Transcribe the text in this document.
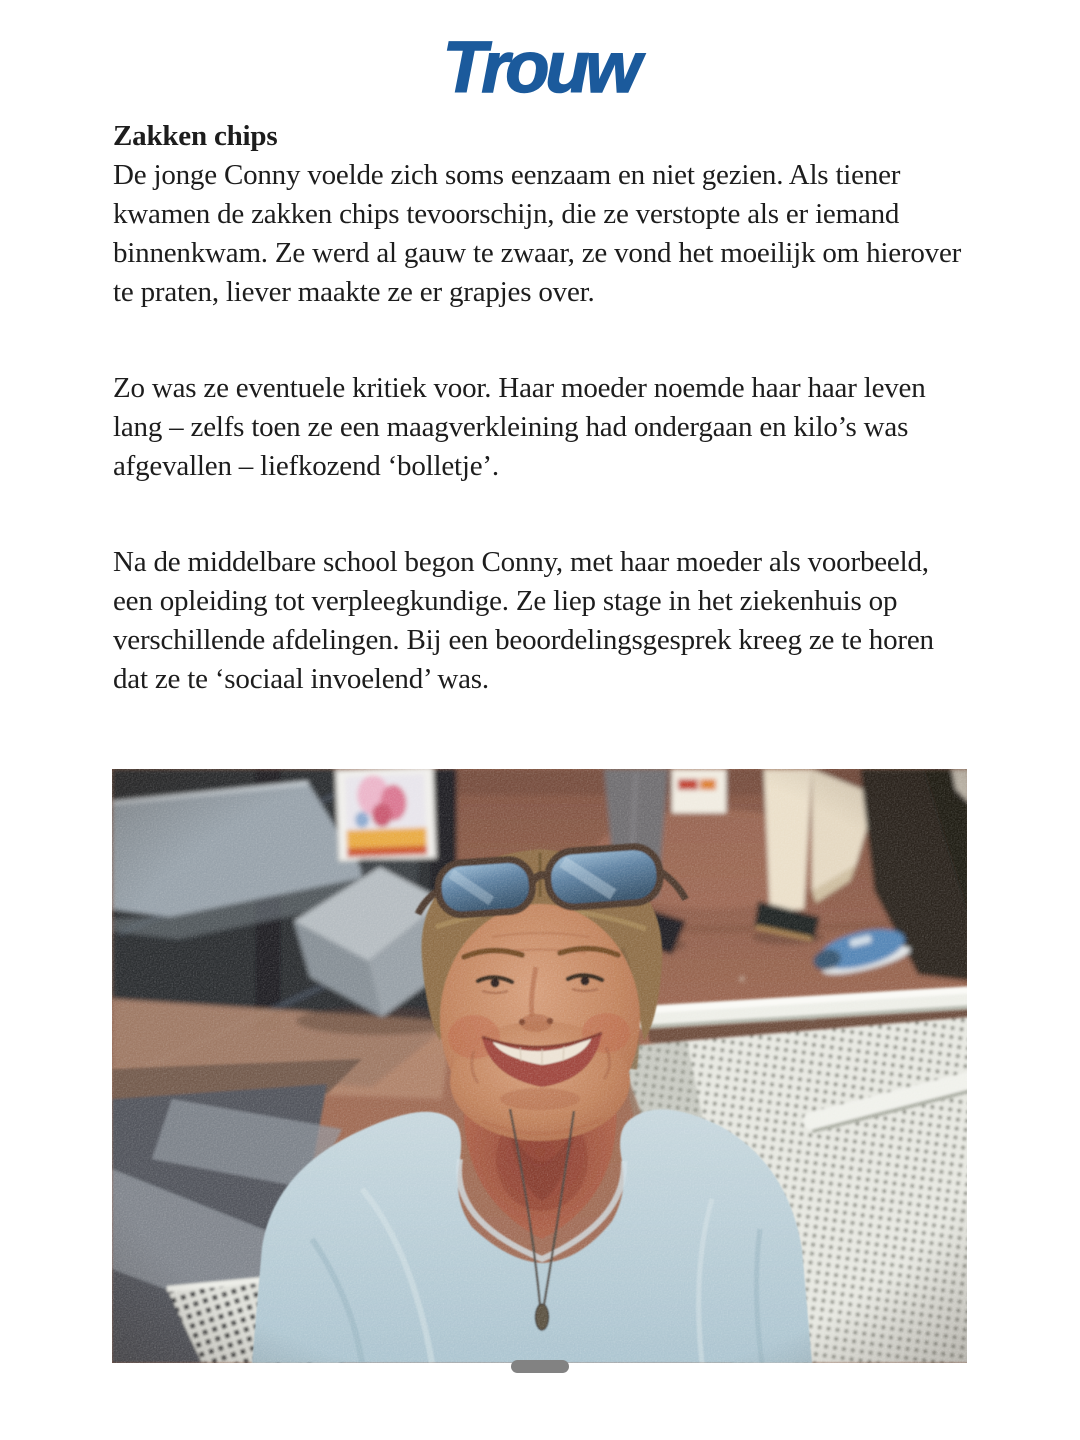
Trouw
Zakken chips

De jonge Conny voelde zich soms eenzaam en niet gezien. Als tiener kwamen de zakken chips tevoorschijn, die ze verstopte als er iemand binnenkwam. Ze werd al gauw te zwaar, ze vond het moeilijk om hierover te praten, liever maakte ze er grapjes over.

Zo was ze eventuele kritiek voor. Haar moeder noemde haar haar leven lang – zelfs toen ze een maagverkleining had ondergaan en kilo’s was afgevallen – liefkozend ‘bolletje’.

Na de middelbare school begon Conny, met haar moeder als voorbeeld, een opleiding tot verpleegkundige. Ze liep stage in het ziekenhuis op verschillende afdelingen. Bij een beoordelingsgesprek kreeg ze te horen dat ze te ‘sociaal invoelend’ was.
